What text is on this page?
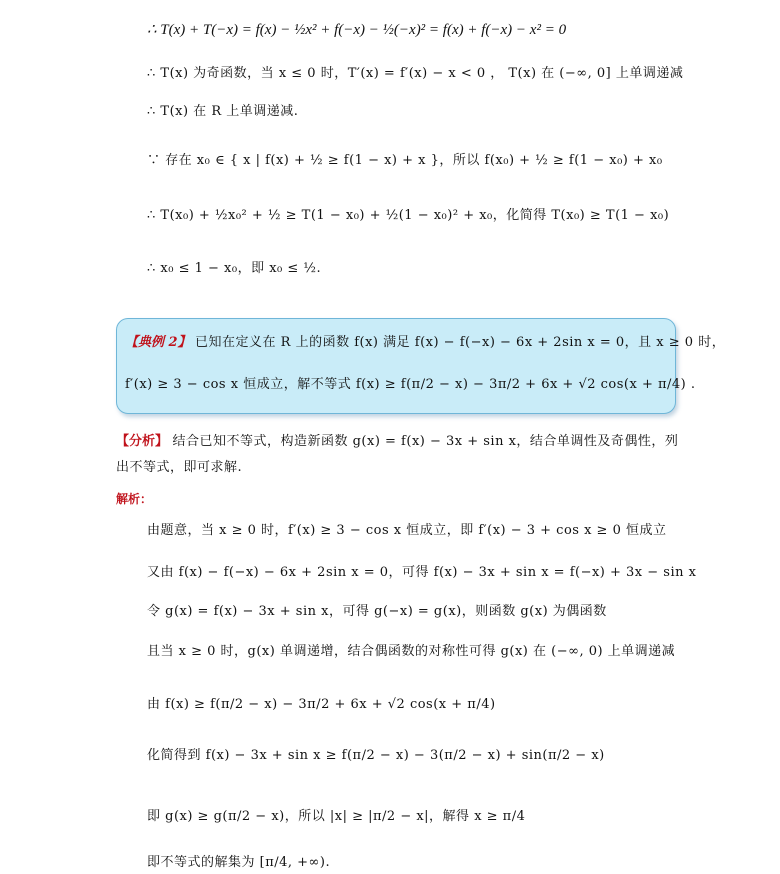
∴ T(x) + T(−x) = f(x) − ½x² + f(−x) − ½(−x)² = f(x) + f(−x) − x² = 0
∴ T(x) 为奇函数，当 x ≤ 0 时，T′(x) = f′(x) − x < 0 ， T(x) 在 (−∞, 0] 上单调递减
∴ T(x) 在 R 上单调递减.
∵ 存在 x₀ ∈ { x | f(x) + ½ ≥ f(1 − x) + x }，所以 f(x₀) + ½ ≥ f(1 − x₀) + x₀
∴ T(x₀) + ½x₀² + ½ ≥ T(1 − x₀) + ½(1 − x₀)² + x₀，化简得 T(x₀) ≥ T(1 − x₀)
∴ x₀ ≤ 1 − x₀，即 x₀ ≤ ½.
【典例 2】 已知在定义在 R 上的函数 f(x) 满足 f(x) − f(−x) − 6x + 2sin x = 0，且 x ≥ 0 时，
f′(x) ≥ 3 − cos x 恒成立，解不等式 f(x) ≥ f(π/2 − x) − 3π/2 + 6x + √2 cos(x + π/4) .
【分析】 结合已知不等式，构造新函数 g(x) = f(x) − 3x + sin x，结合单调性及奇偶性，列
出不等式，即可求解.
解析：
由题意，当 x ≥ 0 时，f′(x) ≥ 3 − cos x 恒成立，即 f′(x) − 3 + cos x ≥ 0 恒成立
又由 f(x) − f(−x) − 6x + 2sin x = 0，可得 f(x) − 3x + sin x = f(−x) + 3x − sin x
令 g(x) = f(x) − 3x + sin x，可得 g(−x) = g(x)，则函数 g(x) 为偶函数
且当 x ≥ 0 时，g(x) 单调递增，结合偶函数的对称性可得 g(x) 在 (−∞, 0) 上单调递减
由 f(x) ≥ f(π/2 − x) − 3π/2 + 6x + √2 cos(x + π/4)
化简得到 f(x) − 3x + sin x ≥ f(π/2 − x) − 3(π/2 − x) + sin(π/2 − x)
即 g(x) ≥ g(π/2 − x)，所以 |x| ≥ |π/2 − x|，解得 x ≥ π/4
即不等式的解集为 [π/4, +∞).
